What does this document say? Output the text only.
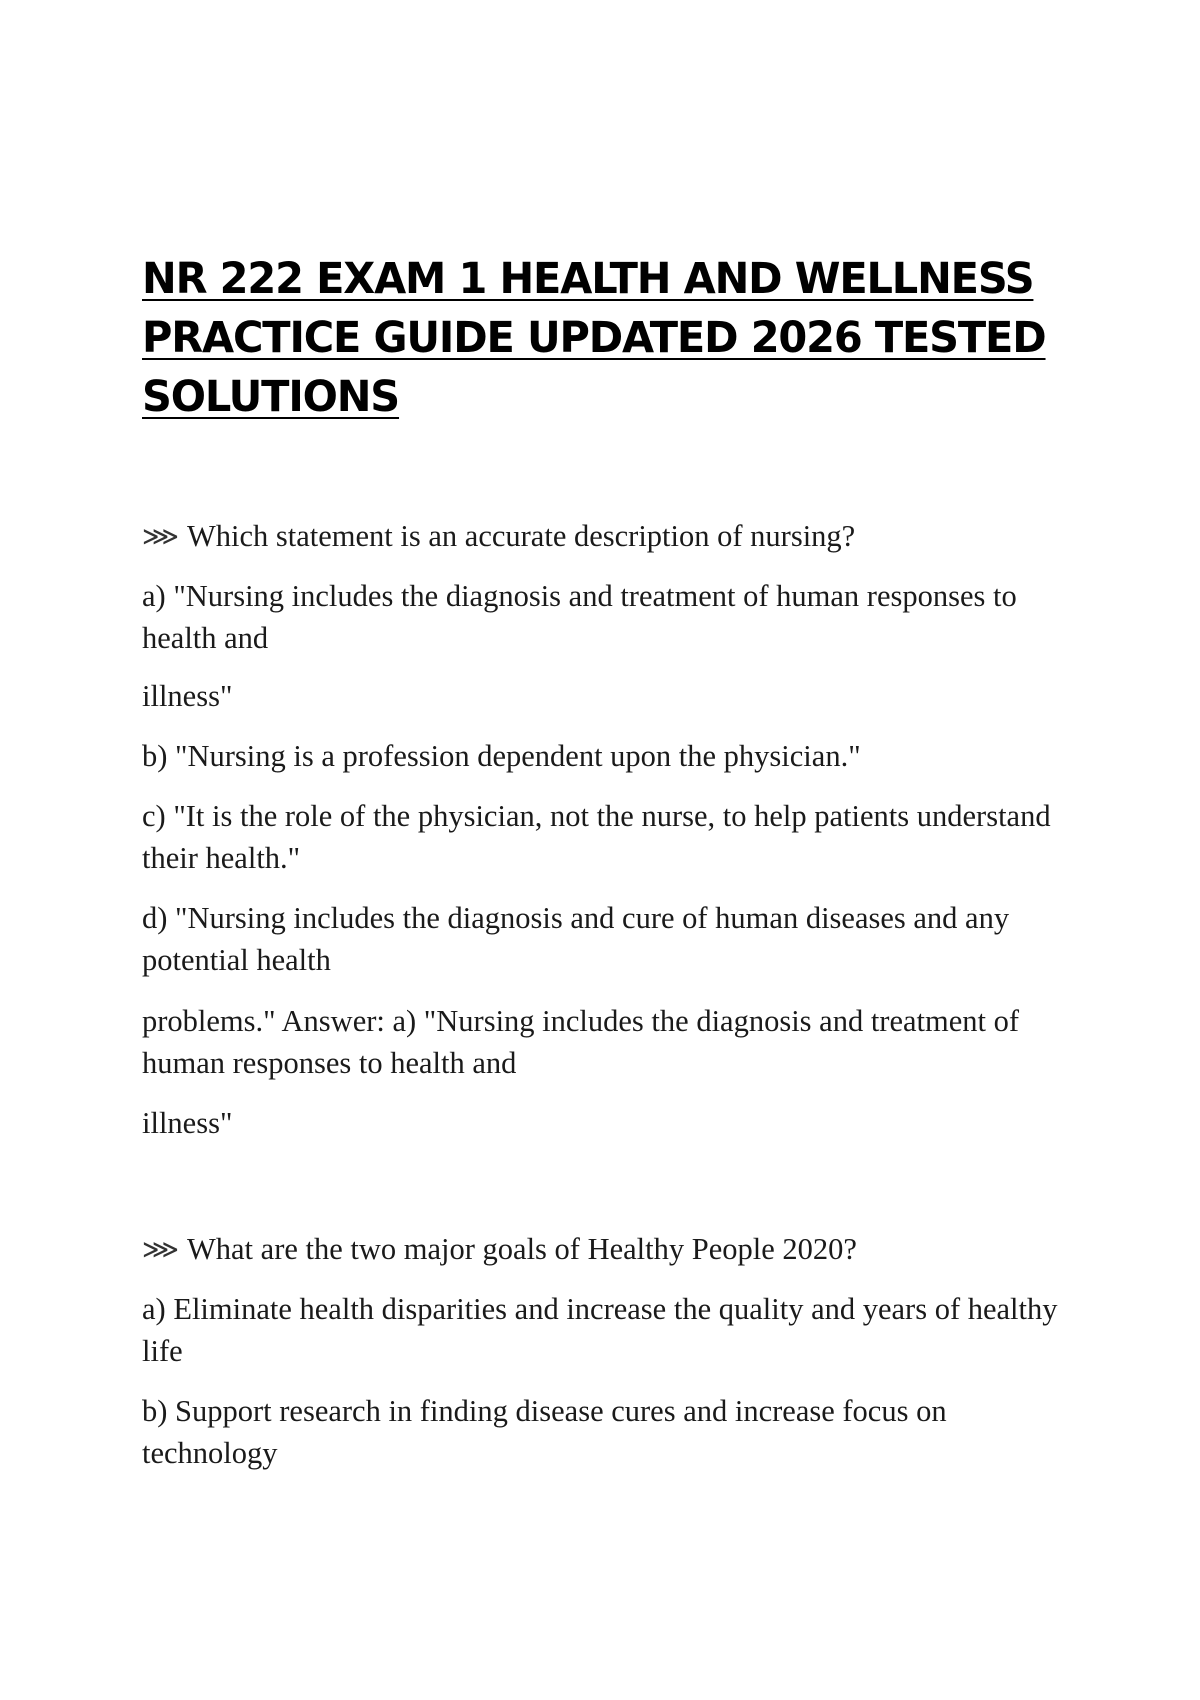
NR 222 EXAM 1 HEALTH AND WELLNESS PRACTICE GUIDE UPDATED 2026 TESTED SOLUTIONS

⋙ Which statement is an accurate description of nursing?

a) "Nursing includes the diagnosis and treatment of human responses to health and

illness"

b) "Nursing is a profession dependent upon the physician."

c) "It is the role of the physician, not the nurse, to help patients understand their health."

d) "Nursing includes the diagnosis and cure of human diseases and any potential health

problems." Answer: a) "Nursing includes the diagnosis and treatment of human responses to health and

illness"

⋙ What are the two major goals of Healthy People 2020?

a) Eliminate health disparities and increase the quality and years of healthy life

b) Support research in finding disease cures and increase focus on technology
